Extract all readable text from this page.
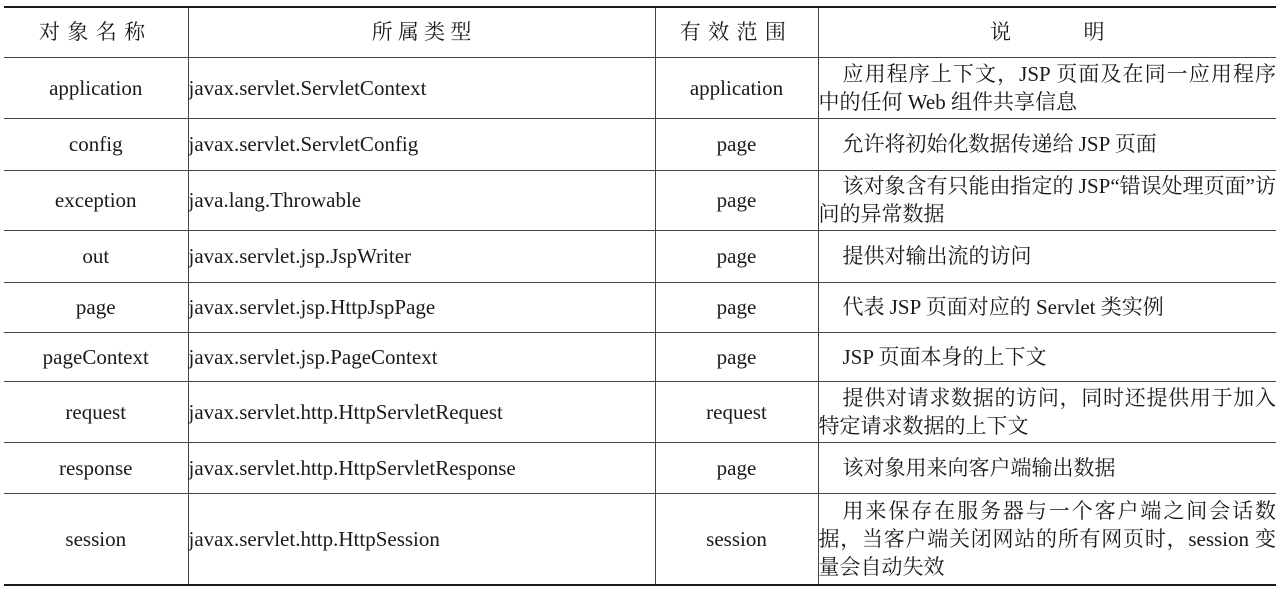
对象名称	所 属 类 型	有效范围	说 明
application	javax.servlet.ServletContext	application	应用程序上下文，JSP 页面及在同一应用程序中的任何 Web 组件共享信息
config	javax.servlet.ServletConfig	page	允许将初始化数据传递给 JSP 页面
exception	java.lang.Throwable	page	该对象含有只能由指定的 JSP“错误处理页面”访问的异常数据
out	javax.servlet.jsp.JspWriter	page	提供对输出流的访问
page	javax.servlet.jsp.HttpJspPage	page	代表 JSP 页面对应的 Servlet 类实例
pageContext	javax.servlet.jsp.PageContext	page	JSP 页面本身的上下文
request	javax.servlet.http.HttpServletRequest	request	提供对请求数据的访问，同时还提供用于加入特定请求数据的上下文
response	javax.servlet.http.HttpServletResponse	page	该对象用来向客户端输出数据
session	javax.servlet.http.HttpSession	session	用来保存在服务器与一个客户端之间会话数据，当客户端关闭网站的所有网页时，session 变量会自动失效
